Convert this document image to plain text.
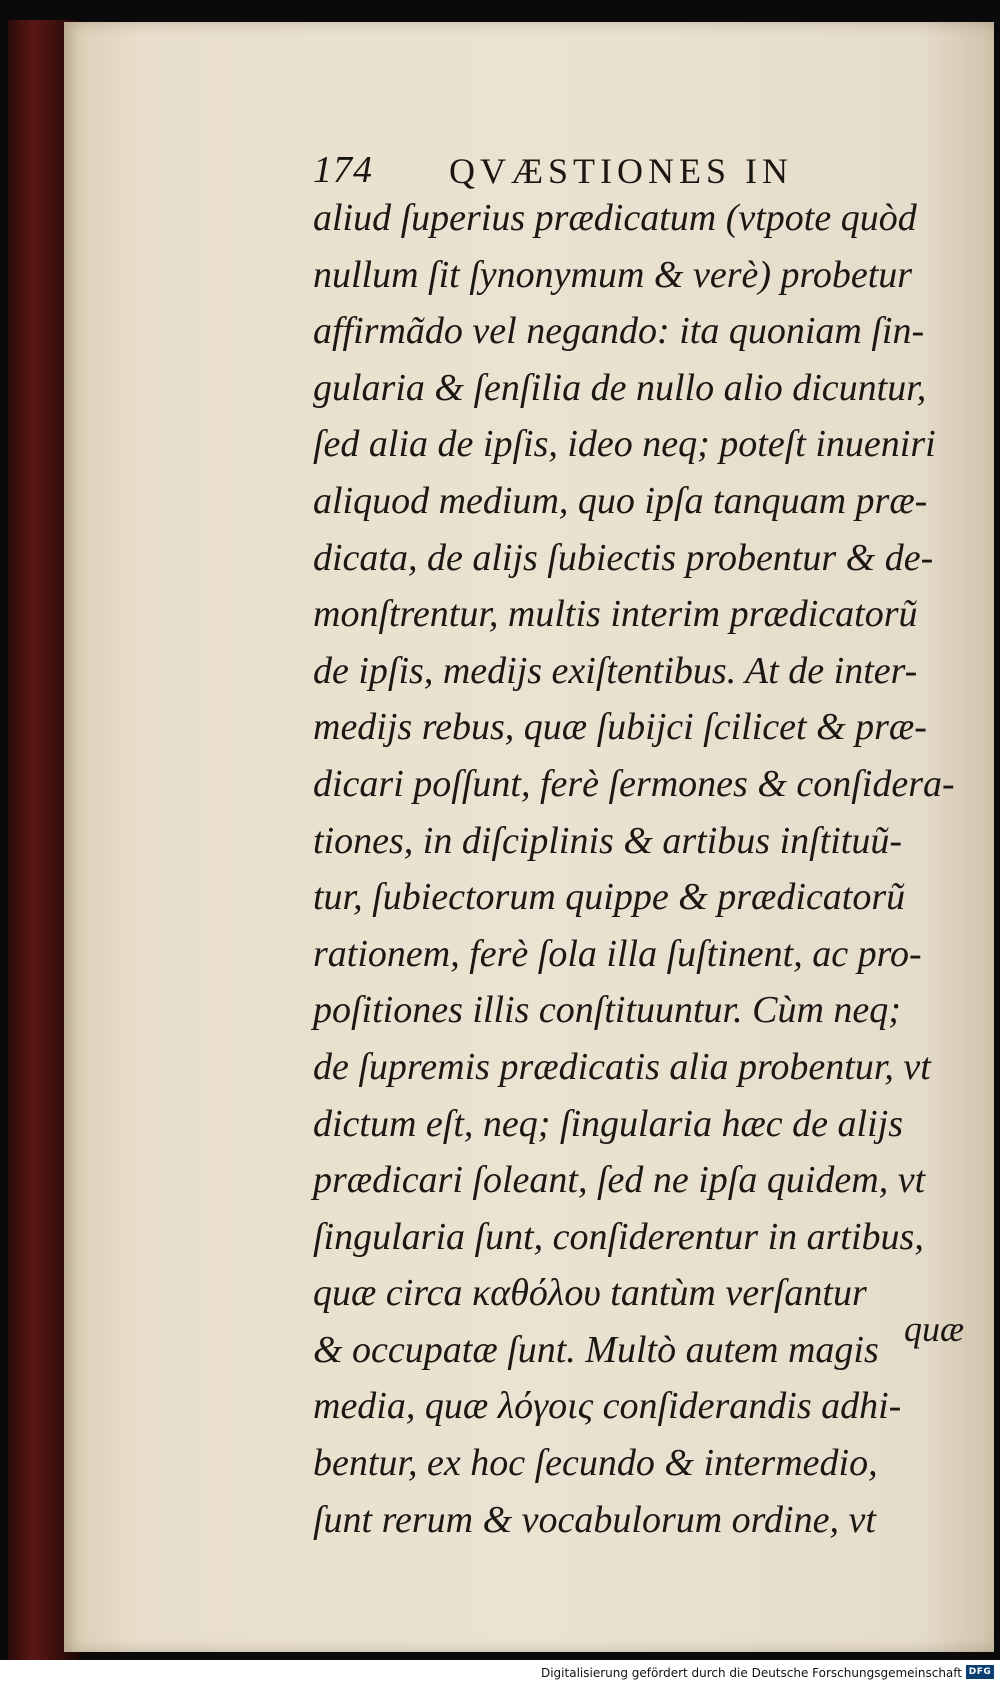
174 QVÆSTIONES IN
aliud ſuperius prædicatum (vtpote quòd
nullum ſit ſynonymum & verè) probetur
affirmãdo vel negando: ita quoniam ſin-
gularia & ſenſilia de nullo alio dicuntur,
ſed alia de ipſis, ideo neq; poteſt inueniri
aliquod medium, quo ipſa tanquam præ-
dicata, de alijs ſubiectis probentur & de-
monſtrentur, multis interim prædicatorũ
de ipſis, medijs exiſtentibus. At de inter-
medijs rebus, quæ ſubijci ſcilicet & præ-
dicari poſſunt, ferè ſermones & conſidera-
tiones, in diſciplinis & artibus inſtituũ-
tur, ſubiectorum quippe & prædicatorũ
rationem, ferè ſola illa ſuſtinent, ac pro-
poſitiones illis conſtituuntur. Cùm neq;
de ſupremis prædicatis alia probentur, vt
dictum eſt, neq; ſingularia hæc de alijs
prædicari ſoleant, ſed ne ipſa quidem, vt
ſingularia ſunt, conſiderentur in artibus,
quæ circa καθόλου tantùm verſantur
& occupatæ ſunt. Multò autem magis
media, quæ λόγοις conſiderandis adhi-
bentur, ex hoc ſecundo & intermedio,
ſunt rerum & vocabulorum ordine, vt
quæ
Digitalisierung gefördert durch die Deutsche Forschungsgemeinschaft DFG
